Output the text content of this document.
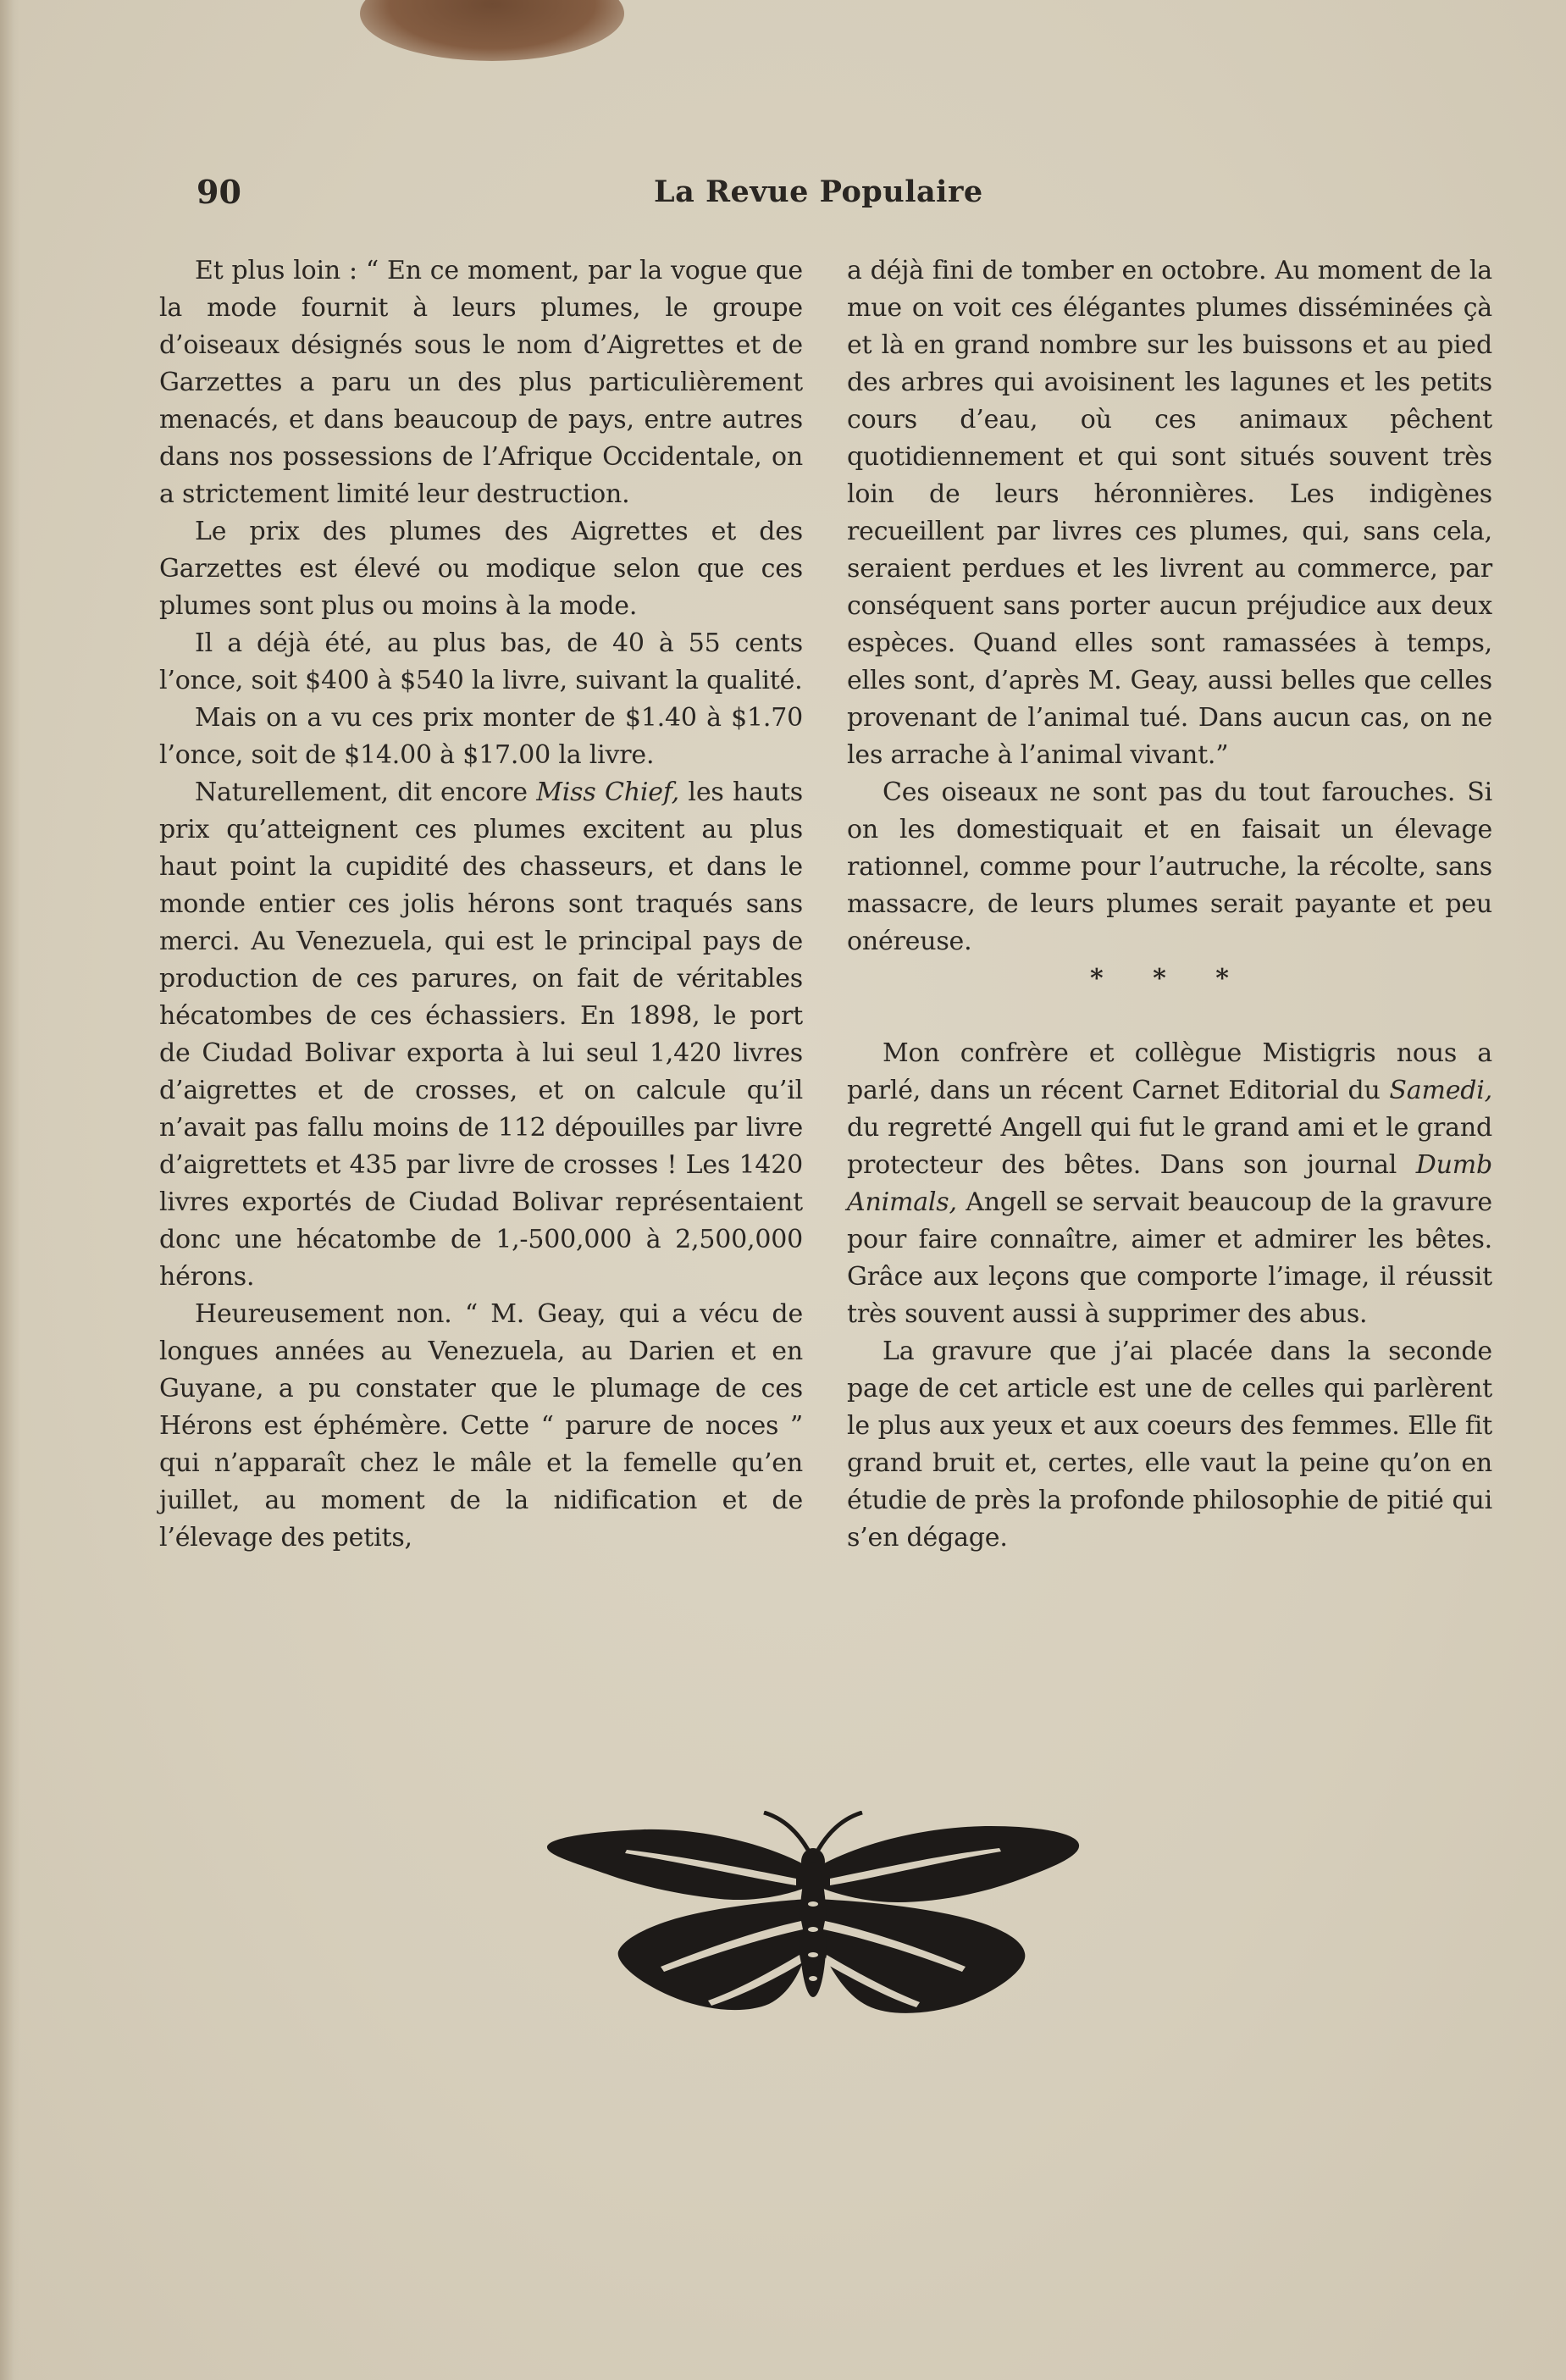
90	La Revue Populaire

Et plus loin : “ En ce moment, par la vogue que la mode fournit à leurs plumes, le groupe d’oiseaux désignés sous le nom d’Aigrettes et de Garzettes a paru un des plus particulièrement menacés, et dans beaucoup de pays, entre autres dans nos possessions de l’Afrique Occidentale, on a strictement limité leur destruction.

Le prix des plumes des Aigrettes et des Garzettes est élevé ou modique selon que ces plumes sont plus ou moins à la mode.

Il a déjà été, au plus bas, de 40 à 55 cents l’once, soit $400 à $540 la livre, suivant la qualité.

Mais on a vu ces prix monter de $1.40 à $1.70 l’once, soit de $14.00 à $17.00 la livre.

Naturellement, dit encore Miss Chief, les hauts prix qu’atteignent ces plumes excitent au plus haut point la cupidité des chasseurs, et dans le monde entier ces jolis hérons sont traqués sans merci. Au Venezuela, qui est le principal pays de production de ces parures, on fait de véritables hécatombes de ces échassiers. En 1898, le port de Ciudad Bolivar exporta à lui seul 1,420 livres d’aigrettes et de crosses, et on calcule qu’il n’avait pas fallu moins de 112 dépouilles par livre d’aigrettets et 435 par livre de crosses ! Les 1420 livres exportés de Ciudad Bolivar représentaient donc une hécatombe de 1,-500,000 à 2,500,000 hérons.

Heureusement non. “ M. Geay, qui a vécu de longues années au Venezuela, au Darien et en Guyane, a pu constater que le plumage de ces Hérons est éphémère. Cette “ parure de noces ” qui n’apparaît chez le mâle et la femelle qu’en juillet, au moment de la nidification et de l’élevage des petits,

a déjà fini de tomber en octobre. Au moment de la mue on voit ces élégantes plumes disséminées çà et là en grand nombre sur les buissons et au pied des arbres qui avoisinent les lagunes et les petits cours d’eau, où ces animaux pêchent quotidiennement et qui sont situés souvent très loin de leurs héronnières. Les indigènes recueillent par livres ces plumes, qui, sans cela, seraient perdues et les livrent au commerce, par conséquent sans porter aucun préjudice aux deux espèces. Quand elles sont ramassées à temps, elles sont, d’après M. Geay, aussi belles que celles provenant de l’animal tué. Dans aucun cas, on ne les arrache à l’animal vivant.”

Ces oiseaux ne sont pas du tout farouches. Si on les domestiquait et en faisait un élevage rationnel, comme pour l’autruche, la récolte, sans massacre, de leurs plumes serait payante et peu onéreuse.

* * *

Mon confrère et collègue Mistigris nous a parlé, dans un récent Carnet Editorial du Samedi, du regretté Angell qui fut le grand ami et le grand protecteur des bêtes. Dans son journal Dumb Animals, Angell se servait beaucoup de la gravure pour faire connaître, aimer et admirer les bêtes. Grâce aux leçons que comporte l’image, il réussit très souvent aussi à supprimer des abus.

La gravure que j’ai placée dans la seconde page de cet article est une de celles qui parlèrent le plus aux yeux et aux coeurs des femmes. Elle fit grand bruit et, certes, elle vaut la peine qu’on en étudie de près la profonde philosophie de pitié qui s’en dégage.
